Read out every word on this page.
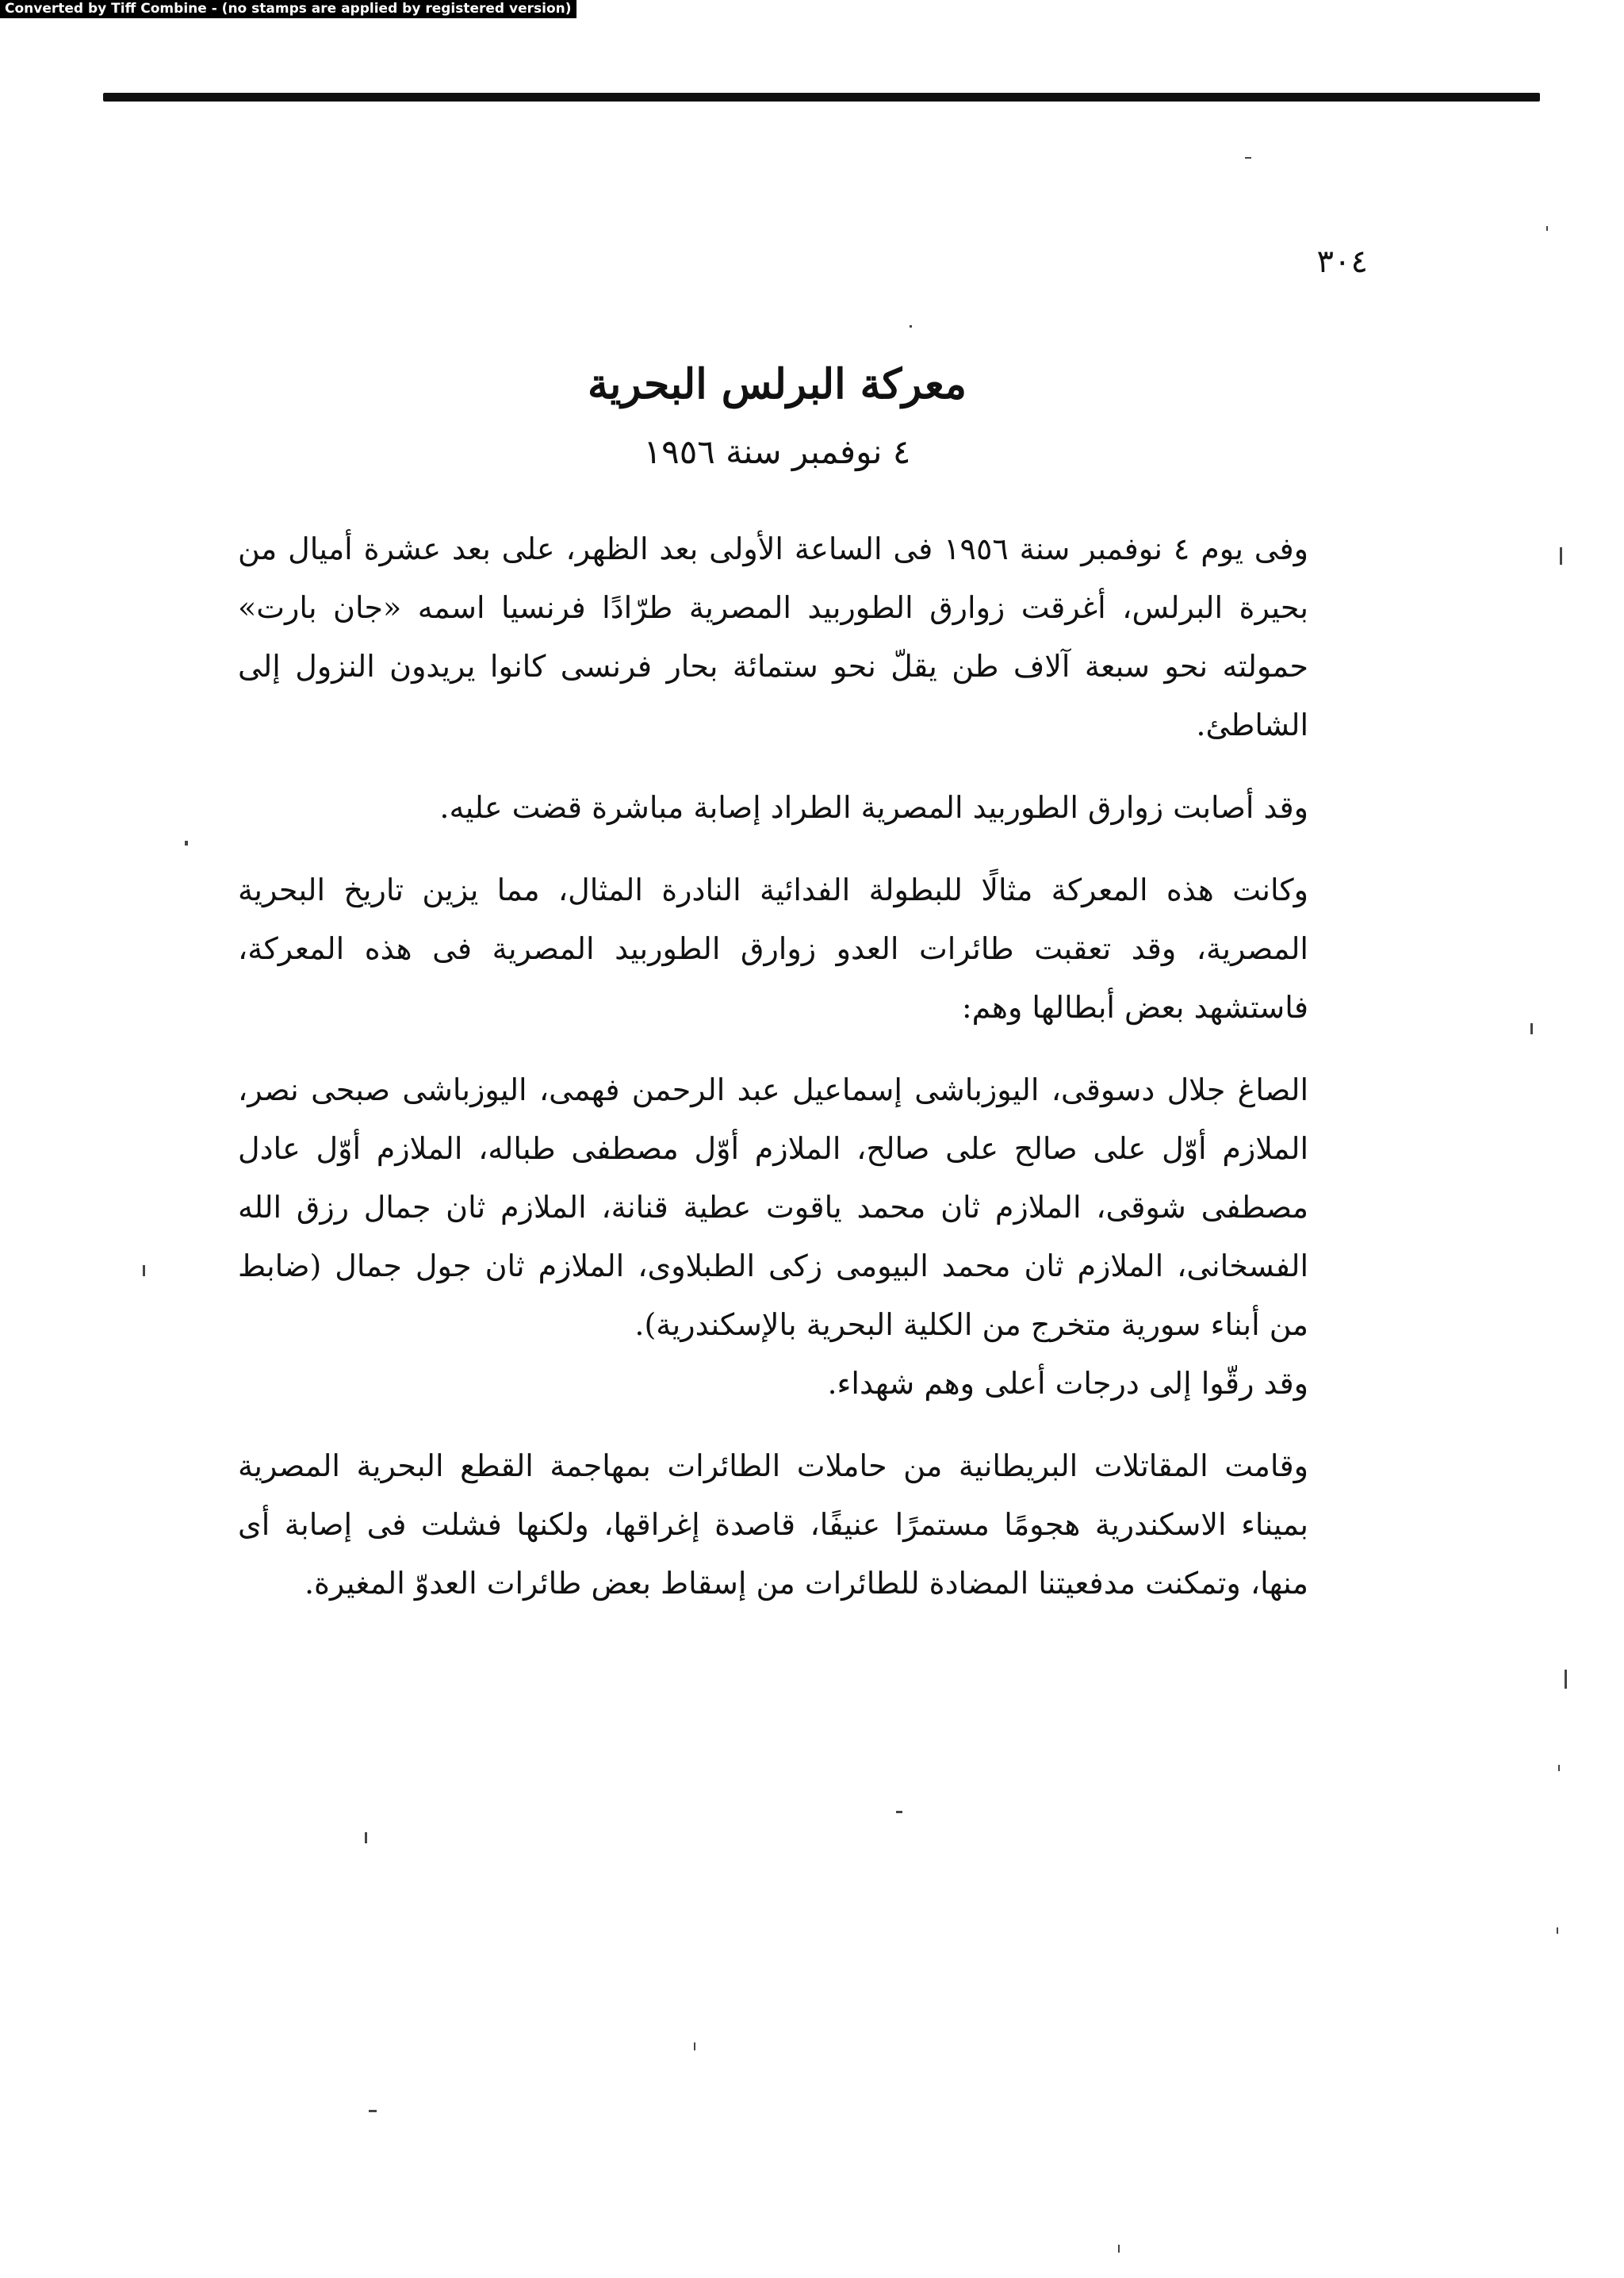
Converted by Tiff Combine - (no stamps are applied by registered version)
٣٠٤
معركة البرلس البحرية
٤ نوفمبر سنة ١٩٥٦

وفى يوم ٤ نوفمبر سنة ١٩٥٦ فى الساعة الأولى بعد الظهر، على بعد عشرة أميال من بحيرة البرلس، أغرقت زوارق الطوربيد المصرية طرّادًا فرنسيا اسمه «جان بارت» حمولته نحو سبعة آلاف طن يقلّ نحو ستمائة بحار فرنسى كانوا يريدون النزول إلى الشاطئ.

وقد أصابت زوارق الطوربيد المصرية الطراد إصابة مباشرة قضت عليه.

وكانت هذه المعركة مثالًا للبطولة الفدائية النادرة المثال، مما يزين تاريخ البحرية المصرية، وقد تعقبت طائرات العدو زوارق الطوربيد المصرية فى هذه المعركة، فاستشهد بعض أبطالها وهم:

الصاغ جلال دسوقى، اليوزباشى إسماعيل عبد الرحمن فهمى، اليوزباشى صبحى نصر، الملازم أوّل على صالح على صالح، الملازم أوّل مصطفى طباله، الملازم أوّل عادل مصطفى شوقى، الملازم ثان محمد ياقوت عطية قنانة، الملازم ثان جمال رزق الله الفسخانى، الملازم ثان محمد البيومى زكى الطبلاوى، الملازم ثان جول جمال (ضابط من أبناء سورية متخرج من الكلية البحرية بالإسكندرية).

وقد رقّوا إلى درجات أعلى وهم شهداء.

وقامت المقاتلات البريطانية من حاملات الطائرات بمهاجمة القطع البحرية المصرية بميناء الاسكندرية هجومًا مستمرًا عنيفًا، قاصدة إغراقها، ولكنها فشلت فى إصابة أى منها، وتمكنت مدفعيتنا المضادة للطائرات من إسقاط بعض طائرات العدوّ المغيرة.
